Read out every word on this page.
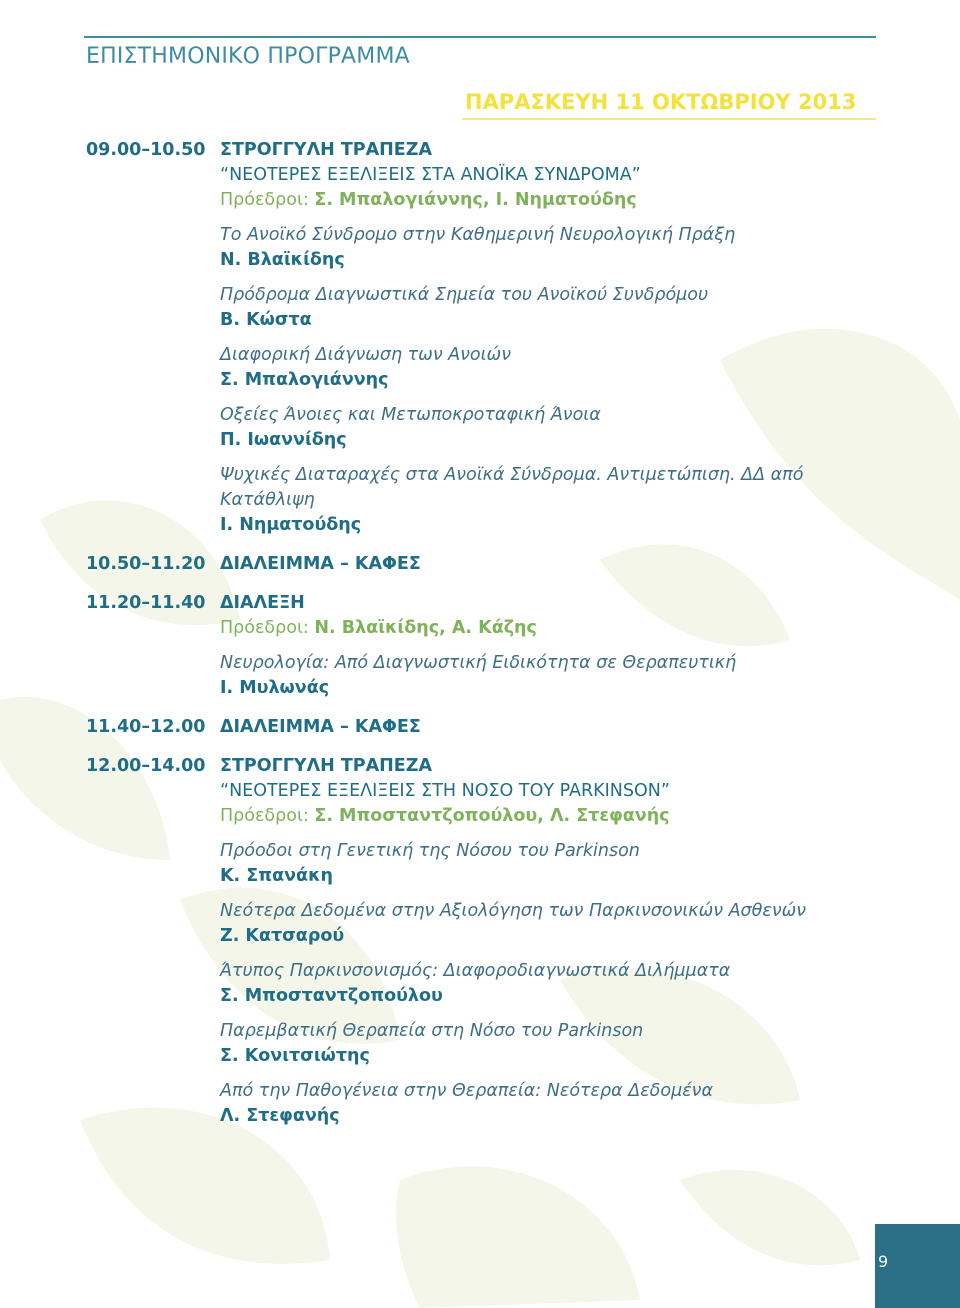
ΕΠΙΣΤΗΜΟΝΙΚΟ ΠΡΟΓΡΑΜΜΑ
ΠΑΡΑΣΚΕΥΗ 11 ΟΚΤΩΒΡΙΟΥ 2013
09.00–10.50 ΣΤΡΟΓΓΥΛΗ ΤΡΑΠΕΖΑ
“ΝΕΟΤΕΡΕΣ ΕΞΕΛΙΞΕΙΣ ΣΤΑ ΑΝΟΪΚΑ ΣΥΝΔΡΟΜΑ”
Πρόεδροι: Σ. Μπαλογιάννης, Ι. Νηματούδης
Το Ανοϊκό Σύνδρομο στην Καθημερινή Νευρολογική Πράξη
Ν. Βλαϊκίδης
Πρόδρομα Διαγνωστικά Σημεία του Ανοϊκού Συνδρόμου
Β. Κώστα
Διαφορική Διάγνωση των Ανοιών
Σ. Μπαλογιάννης
Οξείες Άνοιες και Μετωποκροταφική Άνοια
Π. Ιωαννίδης
Ψυχικές Διαταραχές στα Ανοϊκά Σύνδρομα. Αντιμετώπιση. ΔΔ από Κατάθλιψη
Ι. Νηματούδης
10.50–11.20 ΔΙΑΛΕΙΜΜΑ – ΚΑΦΕΣ
11.20–11.40 ΔΙΑΛΕΞΗ
Πρόεδροι: Ν. Βλαϊκίδης, Α. Κάζης
Νευρολογία: Από Διαγνωστική Ειδικότητα σε Θεραπευτική
Ι. Μυλωνάς
11.40–12.00 ΔΙΑΛΕΙΜΜΑ – ΚΑΦΕΣ
12.00–14.00 ΣΤΡΟΓΓΥΛΗ ΤΡΑΠΕΖΑ
“ΝΕΟΤΕΡΕΣ ΕΞΕΛΙΞΕΙΣ ΣΤΗ ΝΟΣΟ ΤΟΥ PARKINSON”
Πρόεδροι: Σ. Μποσταντζοπούλου, Λ. Στεφανής
Πρόοδοι στη Γενετική της Νόσου του Parkinson
Κ. Σπανάκη
Νεότερα Δεδομένα στην Αξιολόγηση των Παρκινσονικών Ασθενών
Ζ. Κατσαρού
Άτυπος Παρκινσονισμός: Διαφοροδιαγνωστικά Διλήμματα
Σ. Μποσταντζοπούλου
Παρεμβατική Θεραπεία στη Νόσο του Parkinson
Σ. Κονιτσιώτης
Από την Παθογένεια στην Θεραπεία: Νεότερα Δεδομένα
Λ. Στεφανής
9
